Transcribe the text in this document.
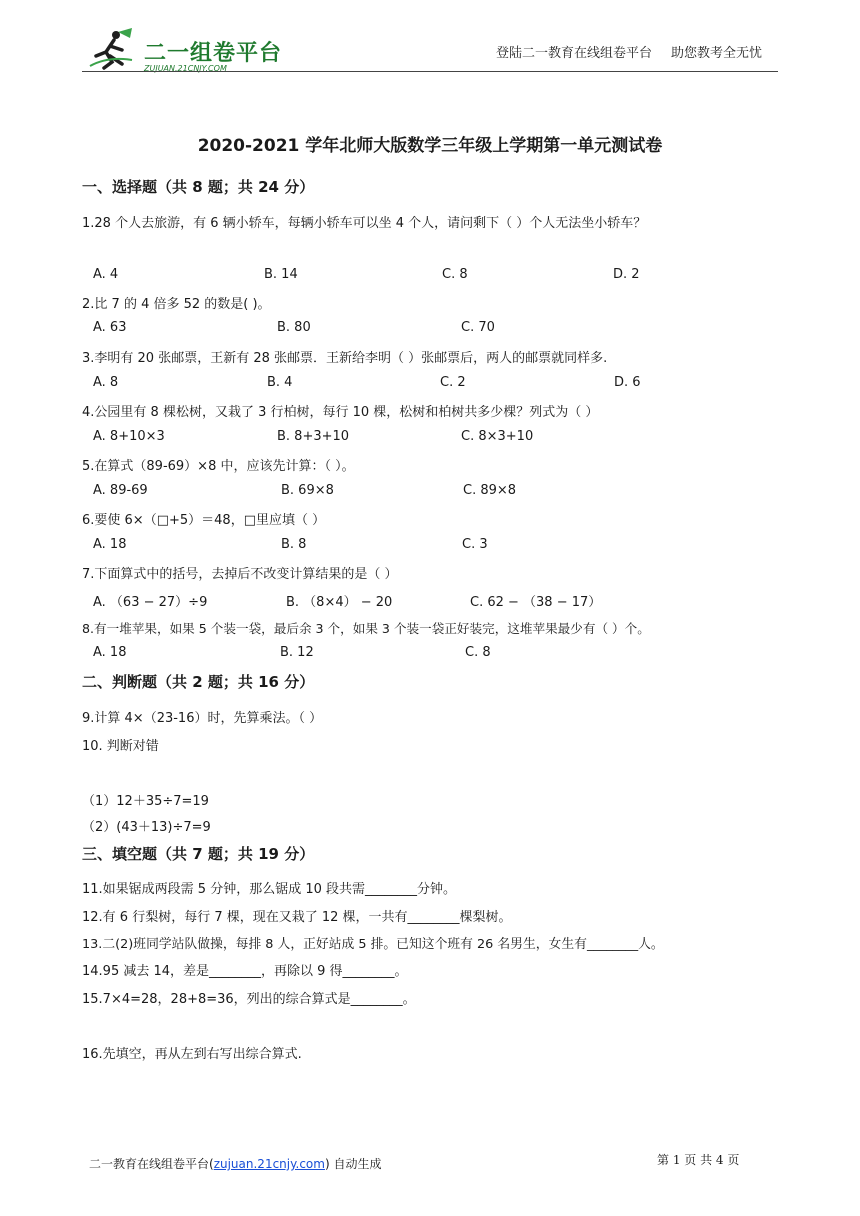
二一组卷平台
ZUJUAN.21CNJY.COM
登陆二一教育在线组卷平台 助您教考全无忧
2020-2021 学年北师大版数学三年级上学期第一单元测试卷
一、选择题（共 8 题；共 24 分）
1.28 个人去旅游，有 6 辆小轿车，每辆小轿车可以坐 4 个人，请问剩下（ ）个人无法坐小轿车？
A. 4	B. 14	C. 8	D. 2
2.比 7 的 4 倍多 52 的数是( )。
A. 63	B. 80	C. 70
3.李明有 20 张邮票，王新有 28 张邮票．王新给李明（ ）张邮票后，两人的邮票就同样多.
A. 8	B. 4	C. 2	D. 6
4.公园里有 8 棵松树，又栽了 3 行柏树，每行 10 棵，松树和柏树共多少棵？列式为（ ）
A. 8+10×3	B. 8+3+10	C. 8×3+10
5.在算式（89-69）×8 中，应该先计算：（ ）。
A. 89-69	B. 69×8	C. 89×8
6.要使 6×（□+5）＝48，□里应填（ ）
A. 18	B. 8	C. 3
7.下面算式中的括号，去掉后不改变计算结果的是（ ）
A. （63 − 27）÷9	B. （8×4） − 20	C. 62 − （38 − 17）
8.有一堆苹果，如果 5 个装一袋，最后余 3 个，如果 3 个装一袋正好装完，这堆苹果最少有（ ）个。
A. 18	B. 12	C. 8
二、判断题（共 2 题；共 16 分）
9.计算 4×（23-16）时，先算乘法。（ ）
10. 判断对错
（1）12＋35÷7=19
（2）(43＋13)÷7=9
三、填空题（共 7 题；共 19 分）
11.如果锯成两段需 5 分钟，那么锯成 10 段共需________分钟。
12.有 6 行梨树，每行 7 棵，现在又栽了 12 棵，一共有________棵梨树。
13.二(2)班同学站队做操，每排 8 人，正好站成 5 排。已知这个班有 26 名男生，女生有________人。
14.95 减去 14，差是________，再除以 9 得________。
15.7×4=28，28+8=36，列出的综合算式是________。
16.先填空，再从左到右写出综合算式.
二一教育在线组卷平台(zujuan.21cnjy.com) 自动生成	第 1 页 共 4 页
